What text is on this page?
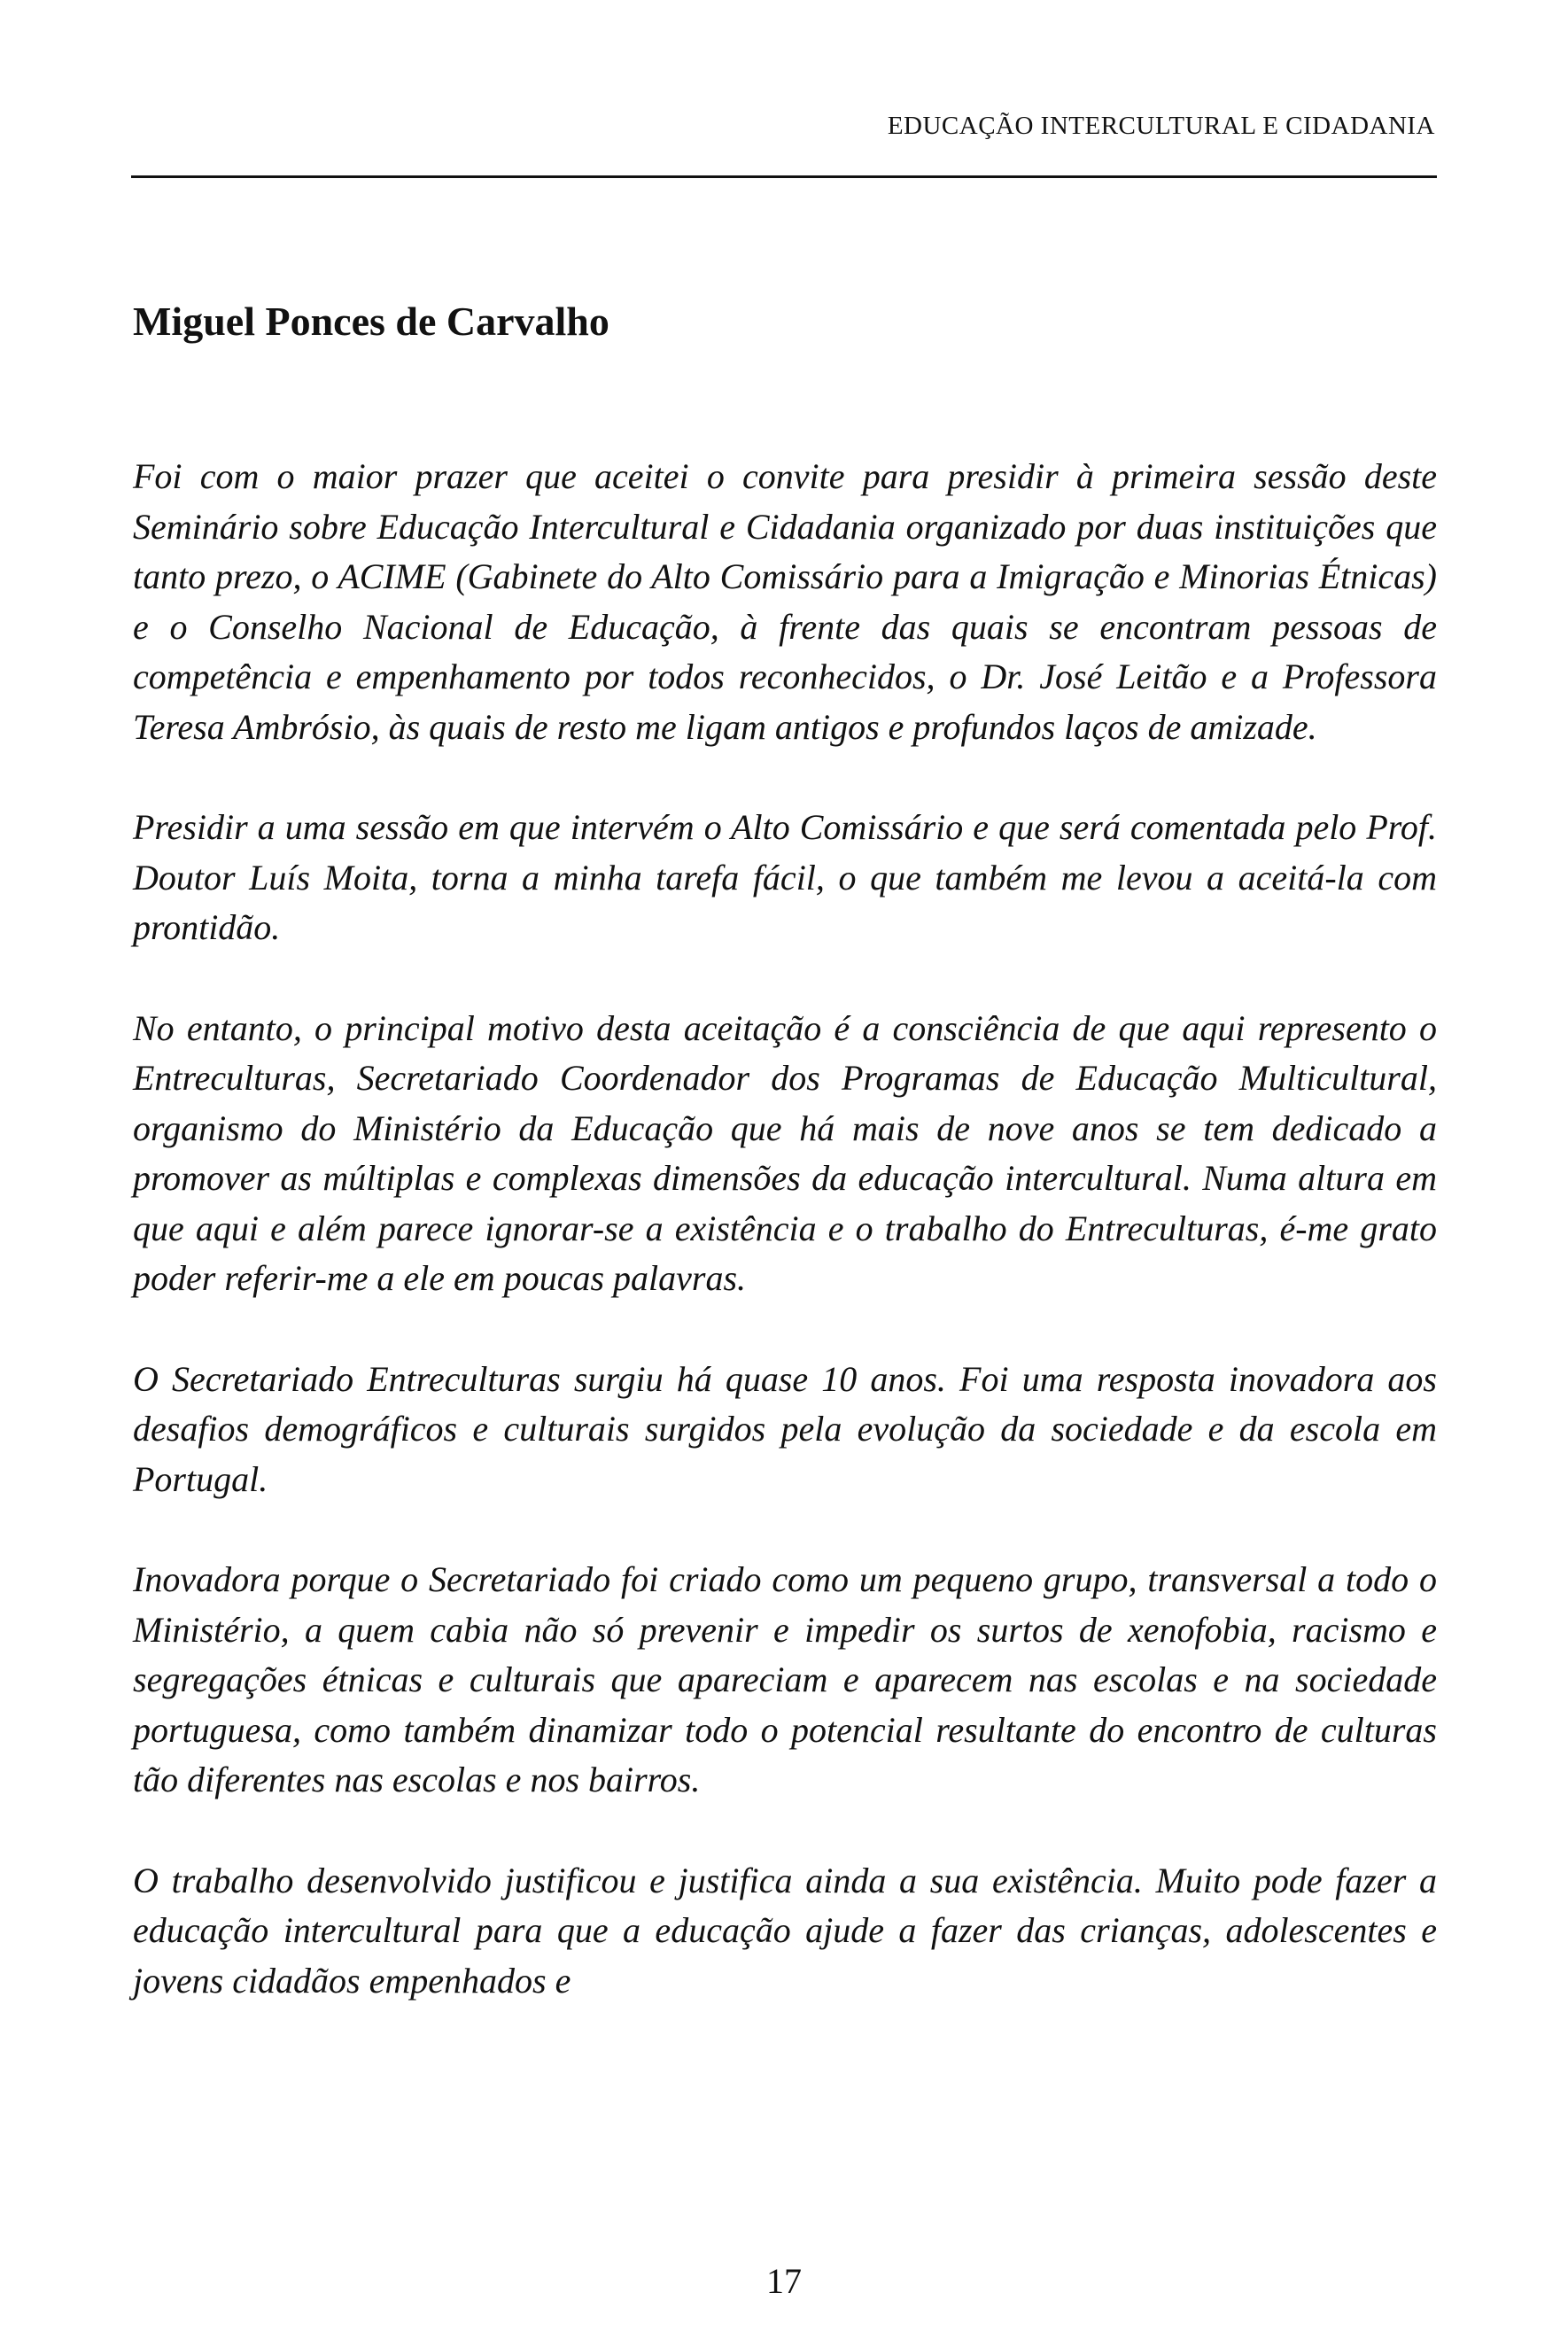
EDUCAÇÃO INTERCULTURAL E CIDADANIA
Miguel Ponces de Carvalho

Foi com o maior prazer que aceitei o convite para presidir à primeira sessão deste Seminário sobre Educação Intercultural e Cidadania organizado por duas instituições que tanto prezo, o ACIME (Gabinete do Alto Comissário para a Imigração e Minorias Étnicas) e o Conselho Nacional de Educação, à frente das quais se encontram pessoas de competência e empenhamento por todos reconhecidos, o Dr. José Leitão e a Professora Teresa Ambrósio, às quais de resto me ligam antigos e profundos laços de amizade.

Presidir a uma sessão em que intervém o Alto Comissário e que será comentada pelo Prof. Doutor Luís Moita, torna a minha tarefa fácil, o que também me levou a aceitá-la com prontidão.

No entanto, o principal motivo desta aceitação é a consciência de que aqui represento o Entreculturas, Secretariado Coordenador dos Programas de Educação Multicultural, organismo do Ministério da Educação que há mais de nove anos se tem dedicado a promover as múltiplas e complexas dimensões da educação intercultural. Numa altura em que aqui e além parece ignorar-se a existência e o trabalho do Entreculturas, é-me grato poder referir-me a ele em poucas palavras.

O Secretariado Entreculturas surgiu há quase 10 anos. Foi uma resposta inovadora aos desafios demográficos e culturais surgidos pela evolução da sociedade e da escola em Portugal.

Inovadora porque o Secretariado foi criado como um pequeno grupo, transversal a todo o Ministério, a quem cabia não só prevenir e impedir os surtos de xenofobia, racismo e segregações étnicas e culturais que apareciam e aparecem nas escolas e na sociedade portuguesa, como também dinamizar todo o potencial resultante do encontro de culturas tão diferentes nas escolas e nos bairros.

O trabalho desenvolvido justificou e justifica ainda a sua existência. Muito pode fazer a educação intercultural para que a educação ajude a fazer das crianças, adolescentes e jovens cidadãos empenhados e

17
